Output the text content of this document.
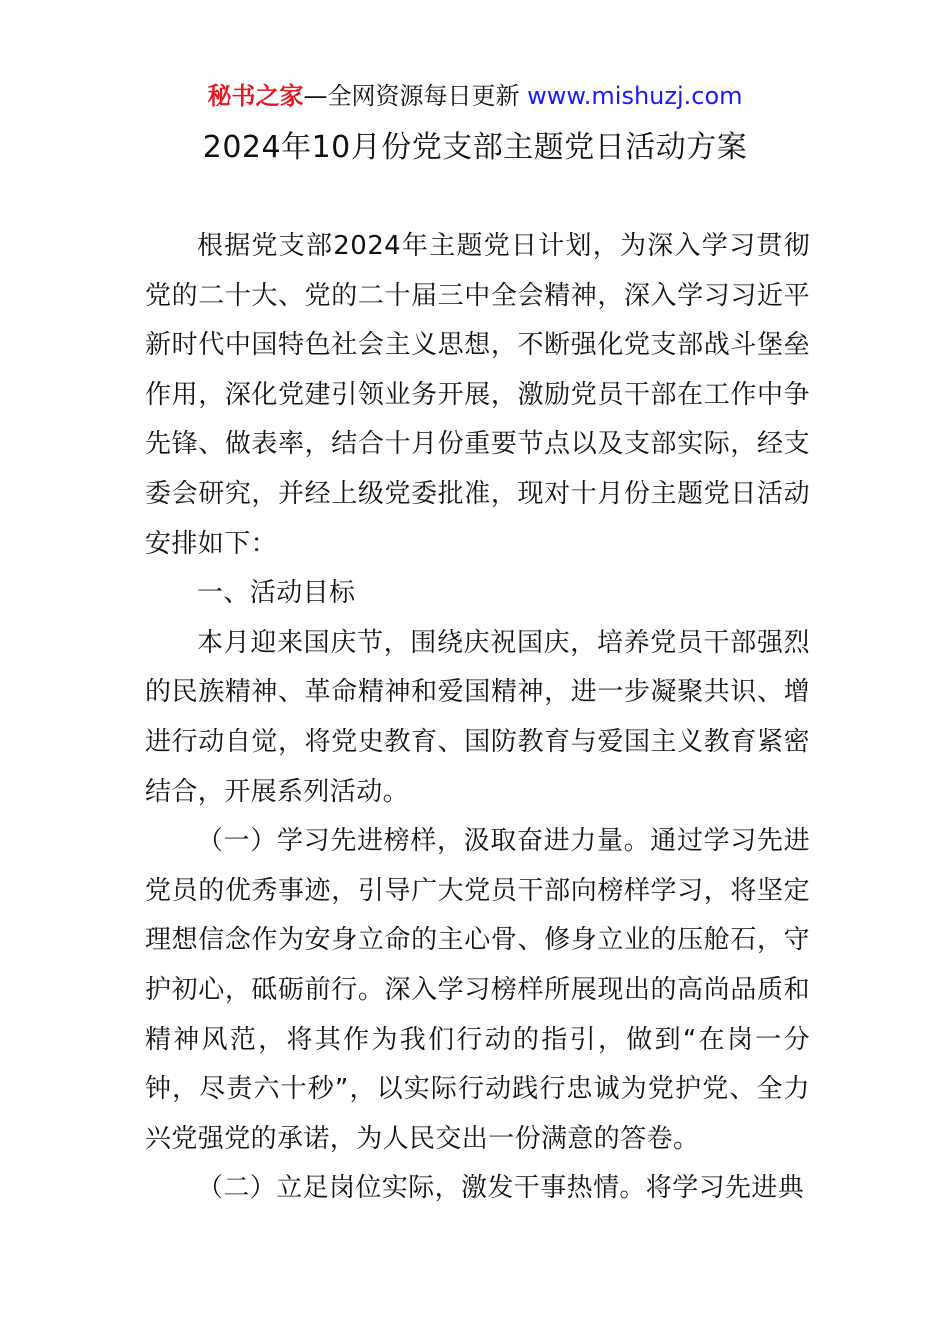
秘书之家—全网资源每日更新 www.mishuzj.com
2024年10月份党支部主题党日活动方案

根据党支部2024年主题党日计划，为深入学习贯彻党的二十大、党的二十届三中全会精神，深入学习习近平新时代中国特色社会主义思想，不断强化党支部战斗堡垒作用，深化党建引领业务开展，激励党员干部在工作中争先锋、做表率，结合十月份重要节点以及支部实际，经支委会研究，并经上级党委批准，现对十月份主题党日活动安排如下：

一、活动目标

本月迎来国庆节，围绕庆祝国庆，培养党员干部强烈的民族精神、革命精神和爱国精神，进一步凝聚共识、增进行动自觉，将党史教育、国防教育与爱国主义教育紧密结合，开展系列活动。

（一）学习先进榜样，汲取奋进力量。通过学习先进党员的优秀事迹，引导广大党员干部向榜样学习，将坚定理想信念作为安身立命的主心骨、修身立业的压舱石，守护初心，砥砺前行。深入学习榜样所展现出的高尚品质和精神风范，将其作为我们行动的指引，做到“在岗一分钟，尽责六十秒”，以实际行动践行忠诚为党护党、全力兴党强党的承诺，为人民交出一份满意的答卷。

（二）立足岗位实际，激发干事热情。将学习先进典
